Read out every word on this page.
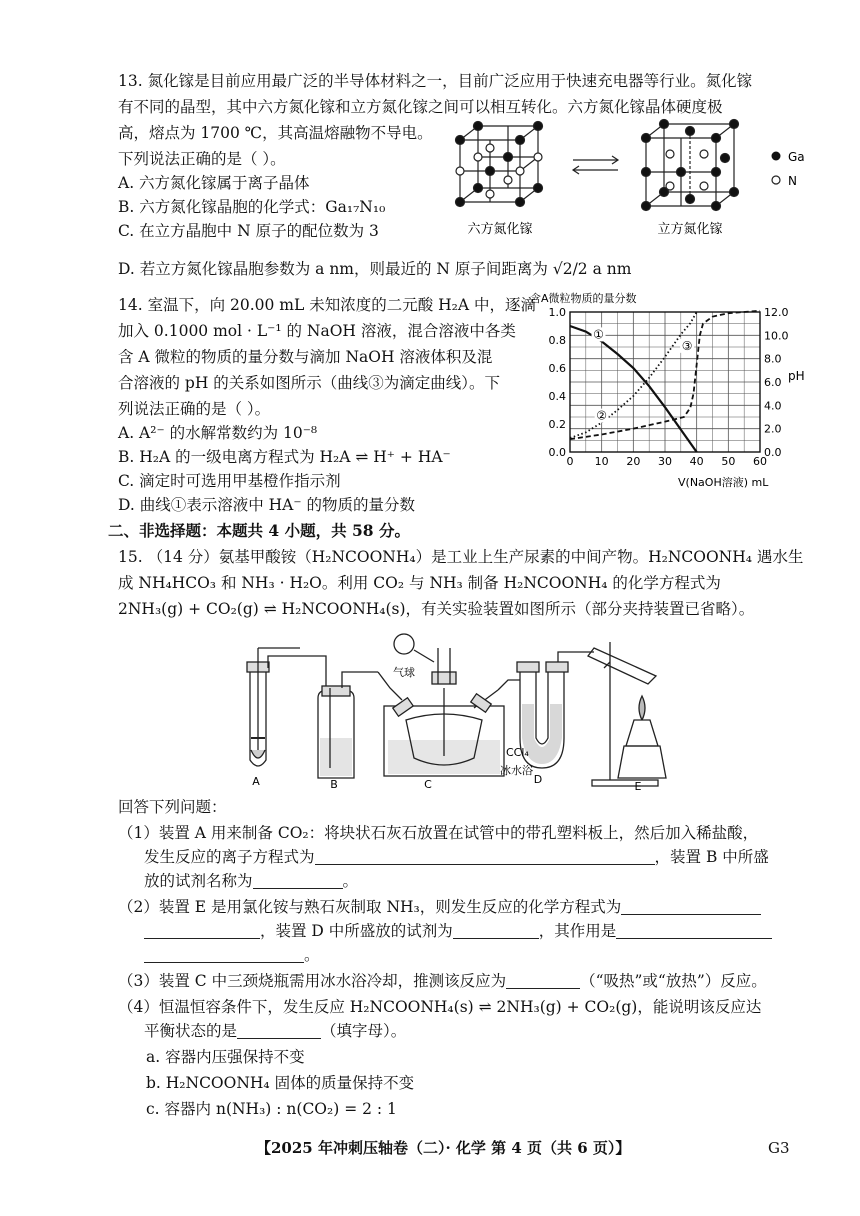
13. 氮化镓是目前应用最广泛的半导体材料之一，目前广泛应用于快速充电器等行业。氮化镓
有不同的晶型，其中六方氮化镓和立方氮化镓之间可以相互转化。六方氮化镓晶体硬度极
高，熔点为 1700 ℃，其高温熔融物不导电。
下列说法正确的是（ ）。
A. 六方氮化镓属于离子晶体
B. 六方氮化镓晶胞的化学式：Ga₁₇N₁₀
C. 在立方晶胞中 N 原子的配位数为 3
D. 若立方氮化镓晶胞参数为 a nm，则最近的 N 原子间距离为 √2/2 a nm
Ga
N
六方氮化镓	立方氮化镓
14. 室温下，向 20.00 mL 未知浓度的二元酸 H₂A 中，逐滴
加入 0.1000 mol · L⁻¹ 的 NaOH 溶液，混合溶液中各类
含 A 微粒的物质的量分数与滴加 NaOH 溶液体积及混
合溶液的 pH 的关系如图所示（曲线③为滴定曲线）。下
列说法正确的是（ ）。
A. A²⁻ 的水解常数约为 10⁻⁸
B. H₂A 的一级电离方程式为 H₂A ⇌ H⁺ + HA⁻
C. 滴定时可选用甲基橙作指示剂
D. 曲线①表示溶液中 HA⁻ 的物质的量分数
含A微粒物质的量分数
0 10 20 30 40 50 60
0.0
0.2
0.4
0.6
0.8
1.0
0.0
2.0
4.0
6.0
8.0
10.0
12.0
①
②
③
pH
V(NaOH溶液) mL
二、非选择题：本题共 4 小题，共 58 分。
15. （14 分）氨基甲酸铵（H₂NCOONH₄）是工业上生产尿素的中间产物。H₂NCOONH₄ 遇水生
成 NH₄HCO₃ 和 NH₃ · H₂O。利用 CO₂ 与 NH₃ 制备 H₂NCOONH₄ 的化学方程式为
2NH₃(g) + CO₂(g) ⇌ H₂NCOONH₄(s)，有关实验装置如图所示（部分夹持装置已省略）。
气球
CCl₄
冰水浴
A	B	C	D
E
回答下列问题：
（1）装置 A 用来制备 CO₂：将块状石灰石放置在试管中的带孔塑料板上，然后加入稀盐酸，
发生反应的离子方程式为	，装置 B 中所盛
放的试剂名称为	。
（2）装置 E 是用氯化铵与熟石灰制取 NH₃，则发生反应的化学方程式为
，装置 D 中所盛放的试剂为	，其作用是
。
（3）装置 C 中三颈烧瓶需用冰水浴冷却，推测该反应为	（“吸热”或“放热”）反应。
（4）恒温恒容条件下，发生反应 H₂NCOONH₄(s) ⇌ 2NH₃(g) + CO₂(g)，能说明该反应达
平衡状态的是	（填字母）。
a. 容器内压强保持不变
b. H₂NCOONH₄ 固体的质量保持不变
c. 容器内 n(NH₃) : n(CO₂) = 2 : 1
【2025 年冲刺压轴卷（二）· 化学 第 4 页（共 6 页）】	G3
